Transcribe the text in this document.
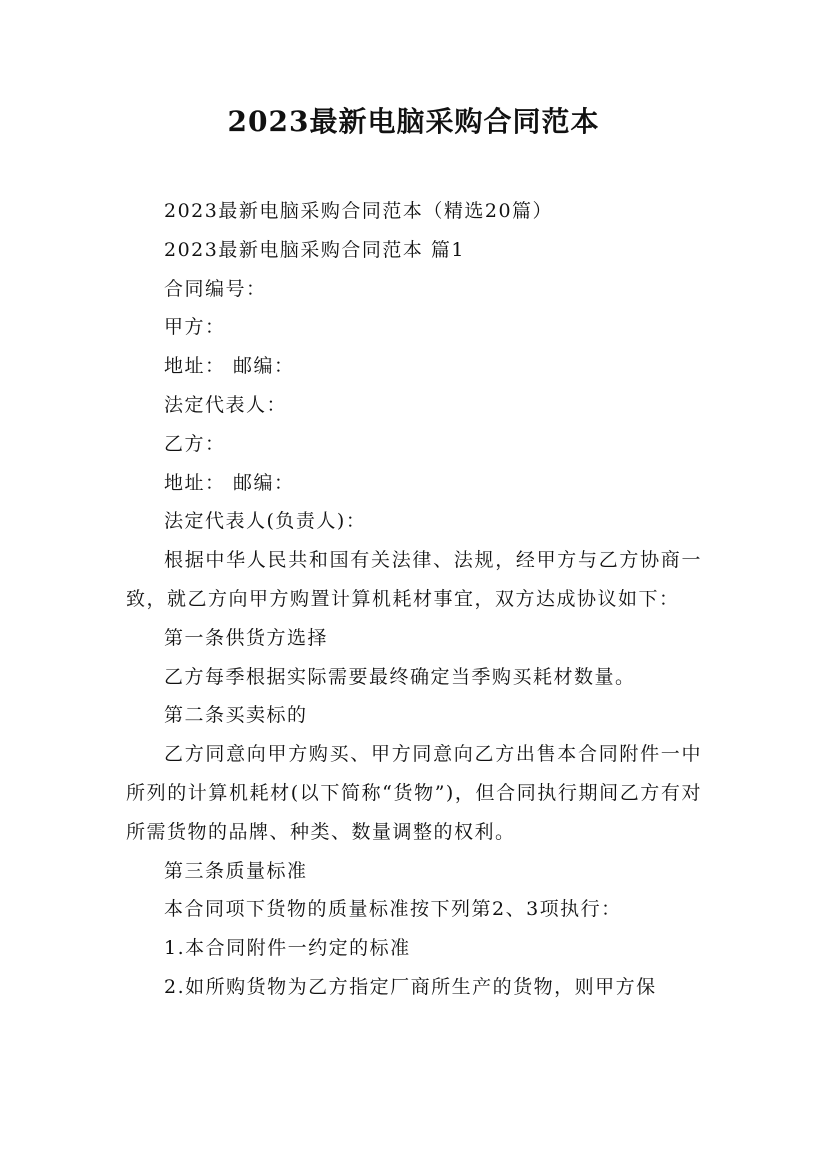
2023最新电脑采购合同范本

2023最新电脑采购合同范本（精选20篇）

2023最新电脑采购合同范本 篇1

合同编号：

甲方：

地址： 邮编：

法定代表人：

乙方：

地址： 邮编：

法定代表人(负责人)：

根据中华人民共和国有关法律、法规，经甲方与乙方协商一致，就乙方向甲方购置计算机耗材事宜，双方达成协议如下：

第一条供货方选择

乙方每季根据实际需要最终确定当季购买耗材数量。

第二条买卖标的

乙方同意向甲方购买、甲方同意向乙方出售本合同附件一中所列的计算机耗材(以下简称“货物”)，但合同执行期间乙方有对所需货物的品牌、种类、数量调整的权利。

第三条质量标准

本合同项下货物的质量标准按下列第2、3项执行：

1.本合同附件一约定的标准

2.如所购货物为乙方指定厂商所生产的货物，则甲方保
